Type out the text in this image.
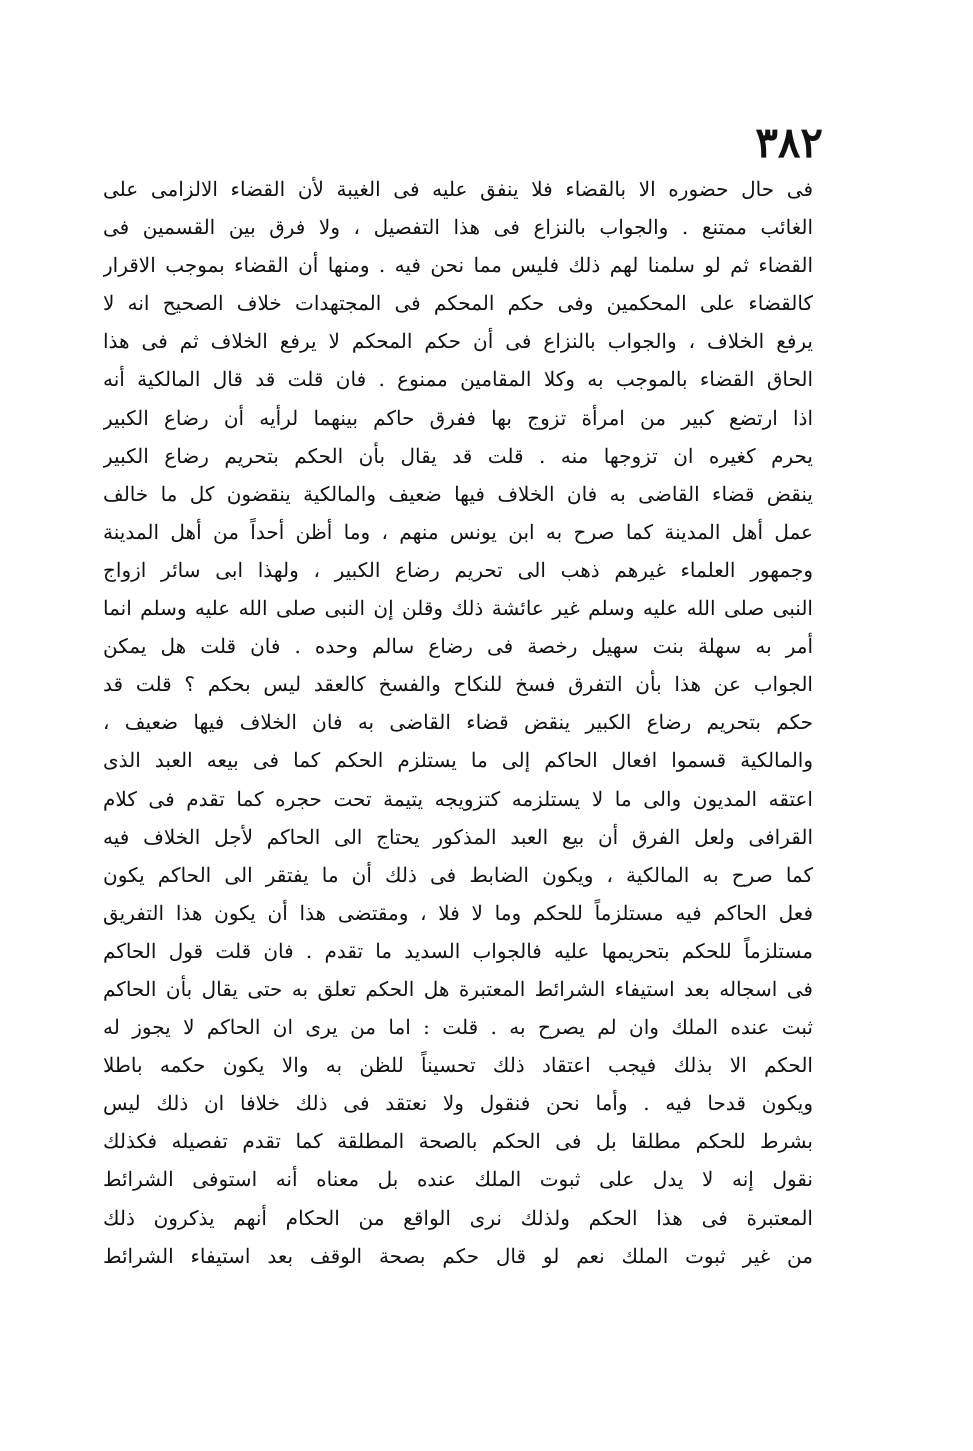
٣٨٢
فى حال حضوره الا بالقضاء فلا ينفق عليه فى الغيبة لأن القضاء الالزامى على
الغائب ممتنع . والجواب بالنزاع فى هذا التفصيل ، ولا فرق بين القسمين فى
القضاء ثم لو سلمنا لهم ذلك فليس مما نحن فيه . ومنها أن القضاء بموجب الاقرار
كالقضاء على المحكمين وفى حكم المحكم فى المجتهدات خلاف الصحيح انه لا
يرفع الخلاف ، والجواب بالنزاع فى أن حكم المحكم لا يرفع الخلاف ثم فى هذا
الحاق القضاء بالموجب به وكلا المقامين ممنوع . فان قلت قد قال المالكية أنه
اذا ارتضع كبير من امرأة تزوج بها ففرق حاكم بينهما لرأيه أن رضاع الكبير
يحرم كغيره ان تزوجها منه . قلت قد يقال بأن الحكم بتحريم رضاع الكبير
ينقض قضاء القاضى به فان الخلاف فيها ضعيف والمالكية ينقضون كل ما خالف
عمل أهل المدينة كما صرح به ابن يونس منهم ، وما أظن أحداً من أهل المدينة
وجمهور العلماء غيرهم ذهب الى تحريم رضاع الكبير ، ولهذا ابى سائر ازواج
النبى صلى الله عليه وسلم غير عائشة ذلك وقلن إن النبى صلى الله عليه وسلم انما
أمر به سهلة بنت سهيل رخصة فى رضاع سالم وحده . فان قلت هل يمكن
الجواب عن هذا بأن التفرق فسخ للنكاح والفسخ كالعقد ليس بحكم ؟ قلت قد
حكم بتحريم رضاع الكبير ينقض قضاء القاضى به فان الخلاف فيها ضعيف ،
والمالكية قسموا افعال الحاكم إلى ما يستلزم الحكم كما فى بيعه العبد الذى
اعتقه المديون والى ما لا يستلزمه كتزويجه يتيمة تحت حجره كما تقدم فى كلام
القرافى ولعل الفرق أن بيع العبد المذكور يحتاج الى الحاكم لأجل الخلاف فيه
كما صرح به المالكية ، ويكون الضابط فى ذلك أن ما يفتقر الى الحاكم يكون
فعل الحاكم فيه مستلزماً للحكم وما لا فلا ، ومقتضى هذا أن يكون هذا التفريق
مستلزماً للحكم بتحريمها عليه فالجواب السديد ما تقدم . فان قلت قول الحاكم
فى اسجاله بعد استيفاء الشرائط المعتبرة هل الحكم تعلق به حتى يقال بأن الحاكم
ثبت عنده الملك وان لم يصرح به . قلت : اما من يرى ان الحاكم لا يجوز له
الحكم الا بذلك فيجب اعتقاد ذلك تحسيناً للظن به والا يكون حكمه باطلا
ويكون قدحا فيه . وأما نحن فنقول ولا نعتقد فى ذلك خلافا ان ذلك ليس
بشرط للحكم مطلقا بل فى الحكم بالصحة المطلقة كما تقدم تفصيله فكذلك
نقول إنه لا يدل على ثبوت الملك عنده بل معناه أنه استوفى الشرائط
المعتبرة فى هذا الحكم ولذلك نرى الواقع من الحكام أنهم يذكرون ذلك
من غير ثبوت الملك نعم لو قال حكم بصحة الوقف بعد استيفاء الشرائط
